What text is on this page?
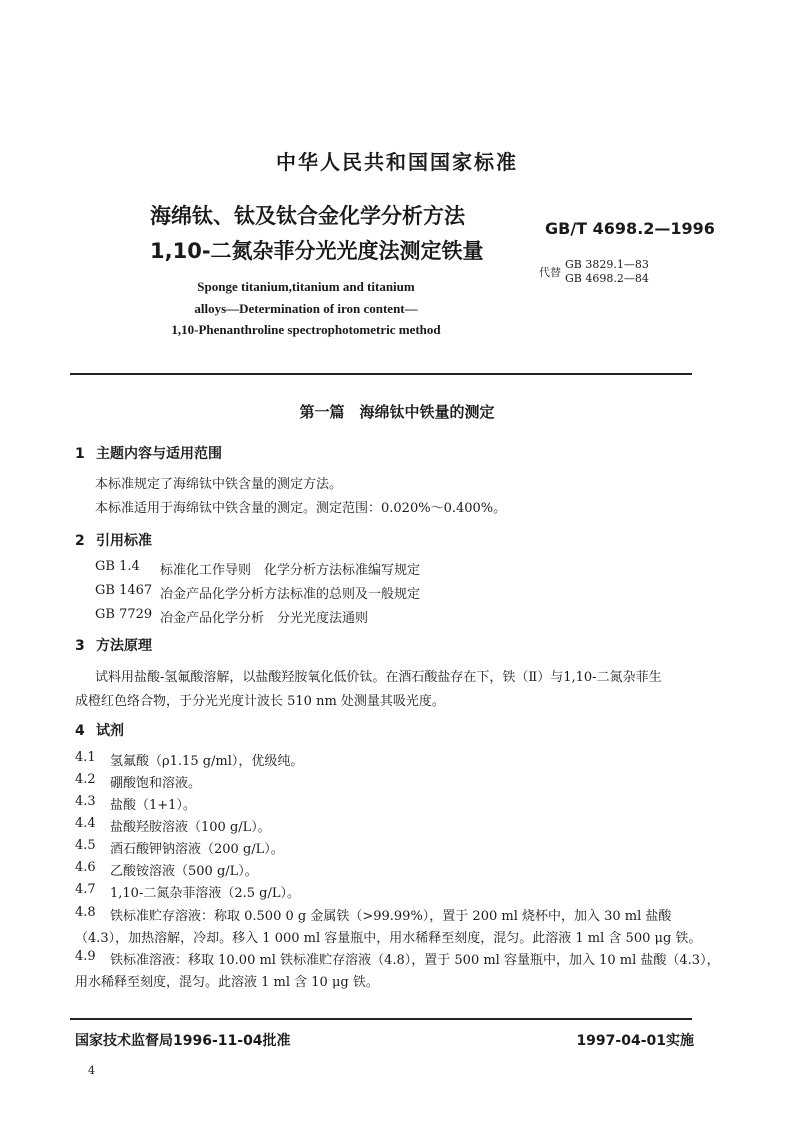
中华人民共和国国家标准
海绵钛、钛及钛合金化学分析方法
1,10-二氮杂菲分光光度法测定铁量
GB/T 4698.2—1996
代替
GB 3829.1—83
GB 4698.2—84
Sponge titanium,titanium and titanium
alloys—Determination of iron content—
1,10-Phenanthroline spectrophotometric method
第一篇　海绵钛中铁量的测定
1 主题内容与适用范围
本标准规定了海绵钛中铁含量的测定方法。
本标准适用于海绵钛中铁含量的测定。测定范围：0.020%～0.400%。
2 引用标准
GB 1.4 标准化工作导则　化学分析方法标准编写规定
GB 1467 冶金产品化学分析方法标准的总则及一般规定
GB 7729 冶金产品化学分析　分光光度法通则
3 方法原理
试料用盐酸-氢氟酸溶解，以盐酸羟胺氧化低价钛。在酒石酸盐存在下，铁（Ⅱ）与1,10-二氮杂菲生
成橙红色络合物，于分光光度计波长 510 nm 处测量其吸光度。
4 试剂
4.1 氢氟酸（ρ1.15 g/ml），优级纯。
4.2 硼酸饱和溶液。
4.3 盐酸（1+1）。
4.4 盐酸羟胺溶液（100 g/L）。
4.5 酒石酸钾钠溶液（200 g/L）。
4.6 乙酸铵溶液（500 g/L）。
4.7 1,10-二氮杂菲溶液（2.5 g/L）。
4.8 铁标准贮存溶液：称取 0.500 0 g 金属铁（>99.99%），置于 200 ml 烧杯中，加入 30 ml 盐酸
（4.3），加热溶解，冷却。移入 1 000 ml 容量瓶中，用水稀释至刻度，混匀。此溶液 1 ml 含 500 μg 铁。
4.9 铁标准溶液：移取 10.00 ml 铁标准贮存溶液（4.8），置于 500 ml 容量瓶中，加入 10 ml 盐酸（4.3），
用水稀释至刻度，混匀。此溶液 1 ml 含 10 μg 铁。
国家技术监督局1996-11-04批准	1997-04-01实施
4
